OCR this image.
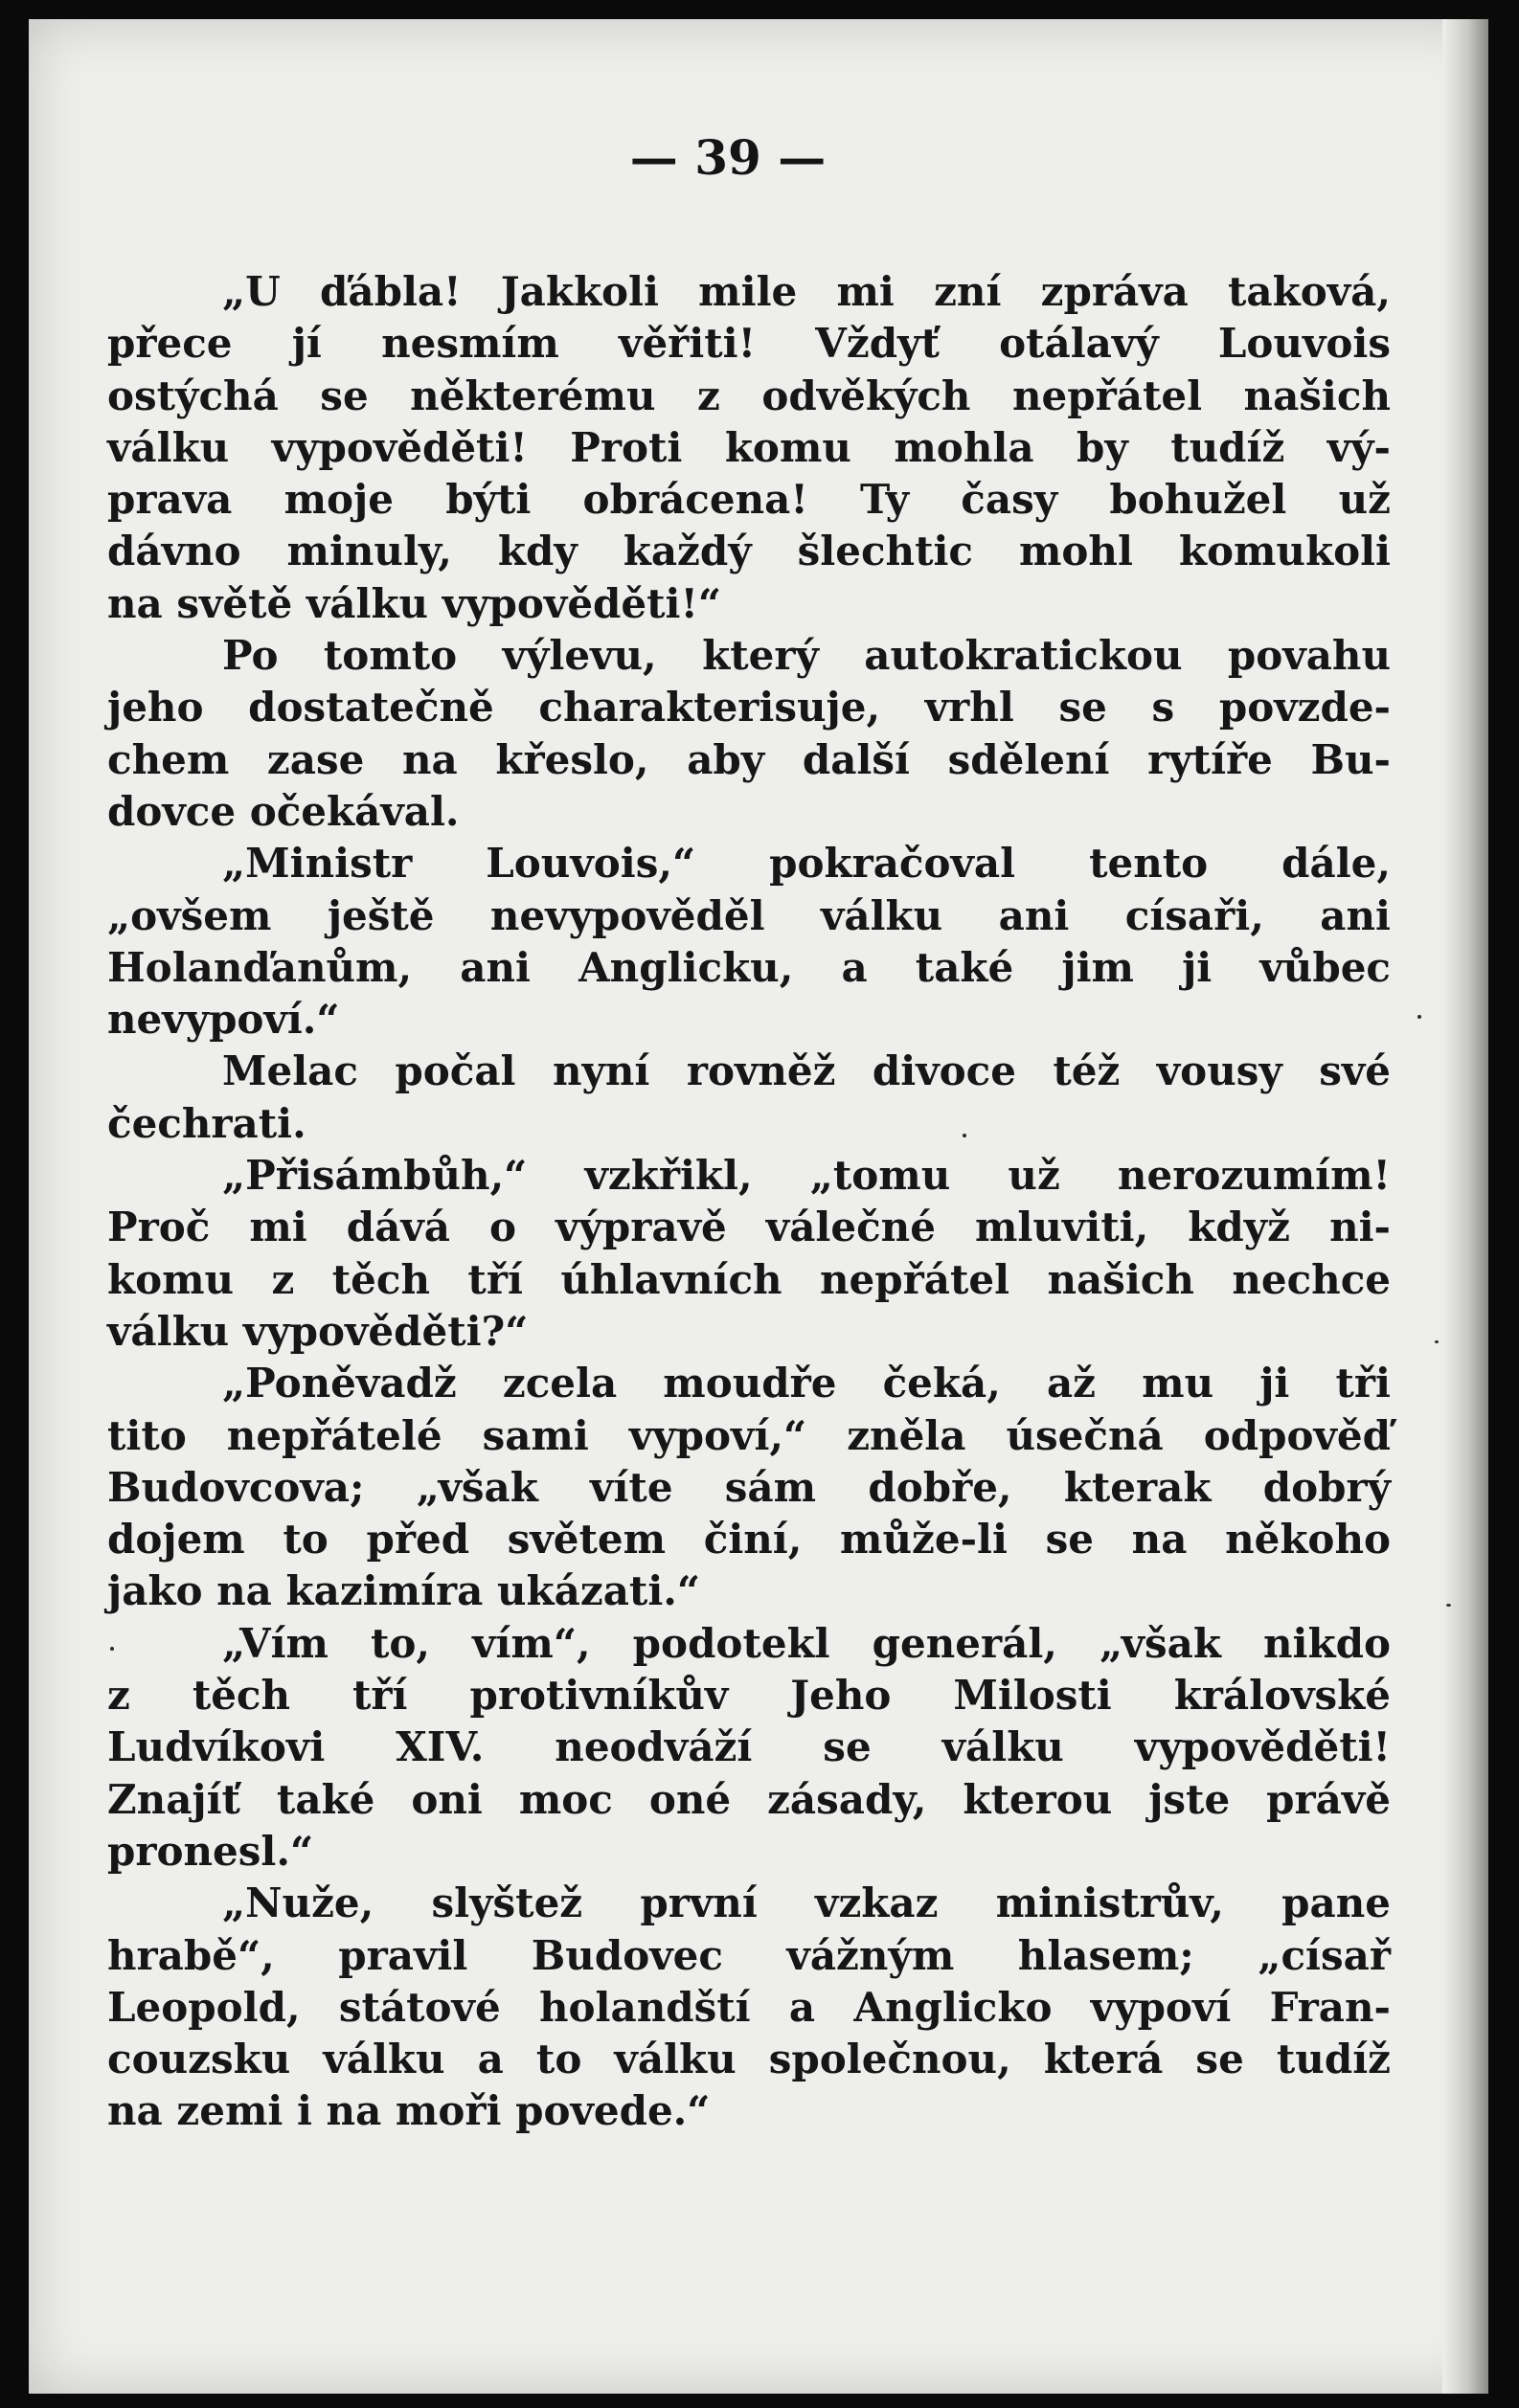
— 39 —
„U ďábla! Jakkoli mile mi zní zpráva taková,
přece jí nesmím věřiti! Vždyť otálavý Louvois
ostýchá se některému z odvěkých nepřátel našich
válku vypověděti! Proti komu mohla by tudíž vý-
prava moje býti obrácena! Ty časy bohužel už
dávno minuly, kdy každý šlechtic mohl komukoli
na světě válku vypověděti!“
Po tomto výlevu, který autokratickou povahu
jeho dostatečně charakterisuje, vrhl se s povzde-
chem zase na křeslo, aby další sdělení rytíře Bu-
dovce očekával.
„Ministr Louvois,“ pokračoval tento dále,
„ovšem ještě nevypověděl válku ani císaři, ani
Holanďanům, ani Anglicku, a také jim ji vůbec
nevypoví.“
Melac počal nyní rovněž divoce též vousy své
čechrati.
„Přisámbůh,“ vzkřikl, „tomu už nerozumím!
Proč mi dává o výpravě válečné mluviti, když ni-
komu z těch tří úhlavních nepřátel našich nechce
válku vypověděti?“
„Poněvadž zcela moudře čeká, až mu ji tři
tito nepřátelé sami vypoví,“ zněla úsečná odpověď
Budovcova; „však víte sám dobře, kterak dobrý
dojem to před světem činí, může-li se na někoho
jako na kazimíra ukázati.“
„Vím to, vím“, podotekl generál, „však nikdo
z těch tří protivníkův Jeho Milosti královské
Ludvíkovi XIV. neodváží se válku vypověděti!
Znajíť také oni moc oné zásady, kterou jste právě
pronesl.“
„Nuže, slyštež první vzkaz ministrův, pane
hrabě“, pravil Budovec vážným hlasem; „císař
Leopold, státové holandští a Anglicko vypoví Fran-
couzsku válku a to válku společnou, která se tudíž
na zemi i na moři povede.“
